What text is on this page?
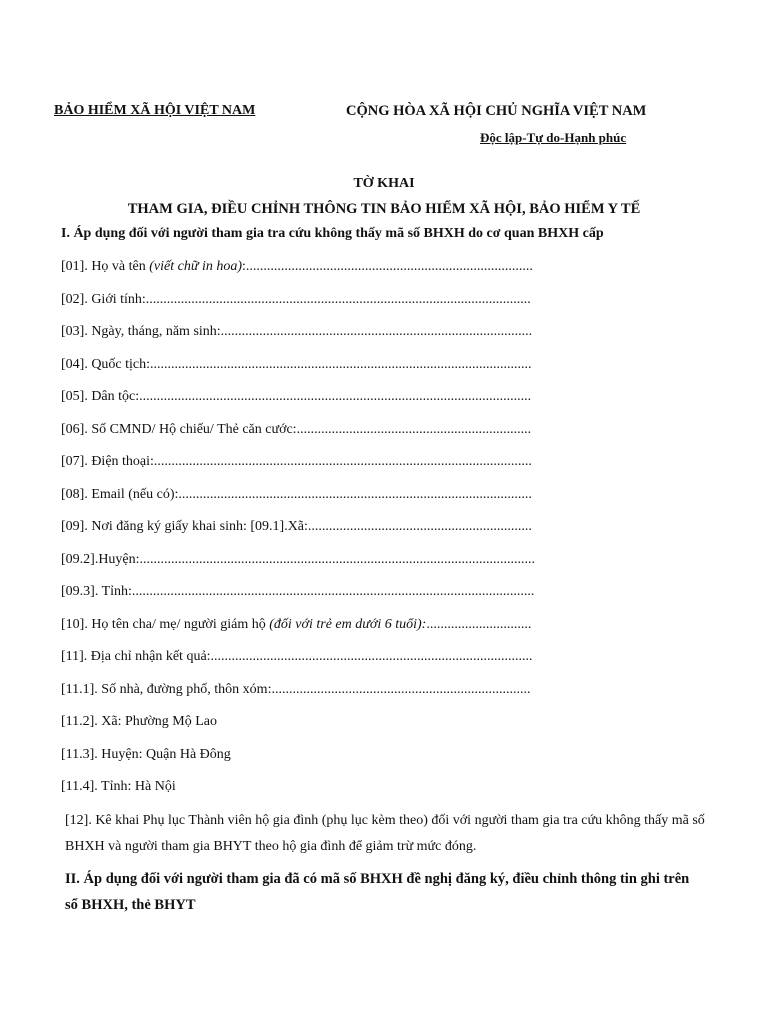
BẢO HIỂM XÃ HỘI VIỆT NAM	CỘNG HÒA XÃ HỘI CHỦ NGHĨA VIỆT NAM
Độc lập-Tự do-Hạnh phúc
TỜ KHAI
THAM GIA, ĐIỀU CHỈNH THÔNG TIN BẢO HIỂM XÃ HỘI, BẢO HIỂM Y TẾ
I. Áp dụng đối với người tham gia tra cứu không thấy mã số BHXH do cơ quan BHXH cấp
[01]. Họ và tên (viết chữ in hoa):..................................................................................
[02]. Giới tính:..............................................................................................................
[03]. Ngày, tháng, năm sinh:.........................................................................................
[04]. Quốc tịch:.............................................................................................................
[05]. Dân tộc:................................................................................................................
[06]. Số CMND/ Hộ chiếu/ Thẻ căn cước:...................................................................
[07]. Điện thoại:............................................................................................................
[08]. Email (nếu có):.....................................................................................................
[09]. Nơi đăng ký giấy khai sinh: [09.1].Xã:................................................................
[09.2].Huyện:.................................................................................................................
[09.3]. Tỉnh:...................................................................................................................
[10]. Họ tên cha/ mẹ/ người giám hộ (đối với trẻ em dưới 6 tuổi):..............................
[11]. Địa chỉ nhận kết quả:............................................................................................
[11.1]. Số nhà, đường phố, thôn xóm:..........................................................................
[11.2]. Xã: Phường Mộ Lao
[11.3]. Huyện: Quận Hà Đông
[11.4]. Tỉnh: Hà Nội
[12]. Kê khai Phụ lục Thành viên hộ gia đình (phụ lục kèm theo) đối với người tham gia tra cứu không thấy mã số BHXH và người tham gia BHYT theo hộ gia đình để giảm trừ mức đóng.
II. Áp dụng đối với người tham gia đã có mã số BHXH đề nghị đăng ký, điều chỉnh thông tin ghi trên sổ BHXH, thẻ BHYT
